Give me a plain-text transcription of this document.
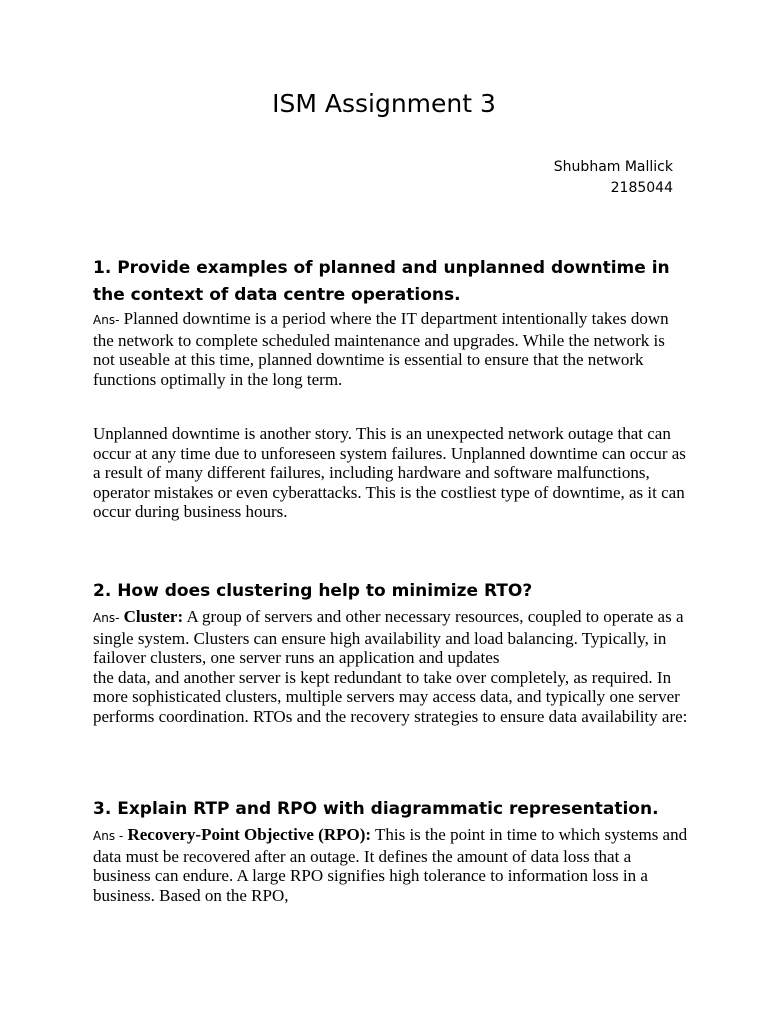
ISM Assignment 3
Shubham Mallick
2185044
1. Provide examples of planned and unplanned downtime in the context of data centre operations.

Ans- Planned downtime is a period where the IT department intentionally takes down the network to complete scheduled maintenance and upgrades. While the network is not useable at this time, planned downtime is essential to ensure that the network functions optimally in the long term.

Unplanned downtime is another story. This is an unexpected network outage that can occur at any time due to unforeseen system failures. Unplanned downtime can occur as a result of many different failures, including hardware and software malfunctions, operator mistakes or even cyberattacks. This is the costliest type of downtime, as it can occur during business hours.

2. How does clustering help to minimize RTO?

Ans- Cluster: A group of servers and other necessary resources, coupled to operate as a single system. Clusters can ensure high availability and load balancing. Typically, in failover clusters, one server runs an application and updates
the data, and another server is kept redundant to take over completely, as required. In more sophisticated clusters, multiple servers may access data, and typically one server performs coordination. RTOs and the recovery strategies to ensure data availability are:

3. Explain RTP and RPO with diagrammatic representation.

Ans - Recovery-Point Objective (RPO): This is the point in time to which systems and data must be recovered after an outage. It defines the amount of data loss that a business can endure. A large RPO signifies high tolerance to information loss in a business. Based on the RPO,
